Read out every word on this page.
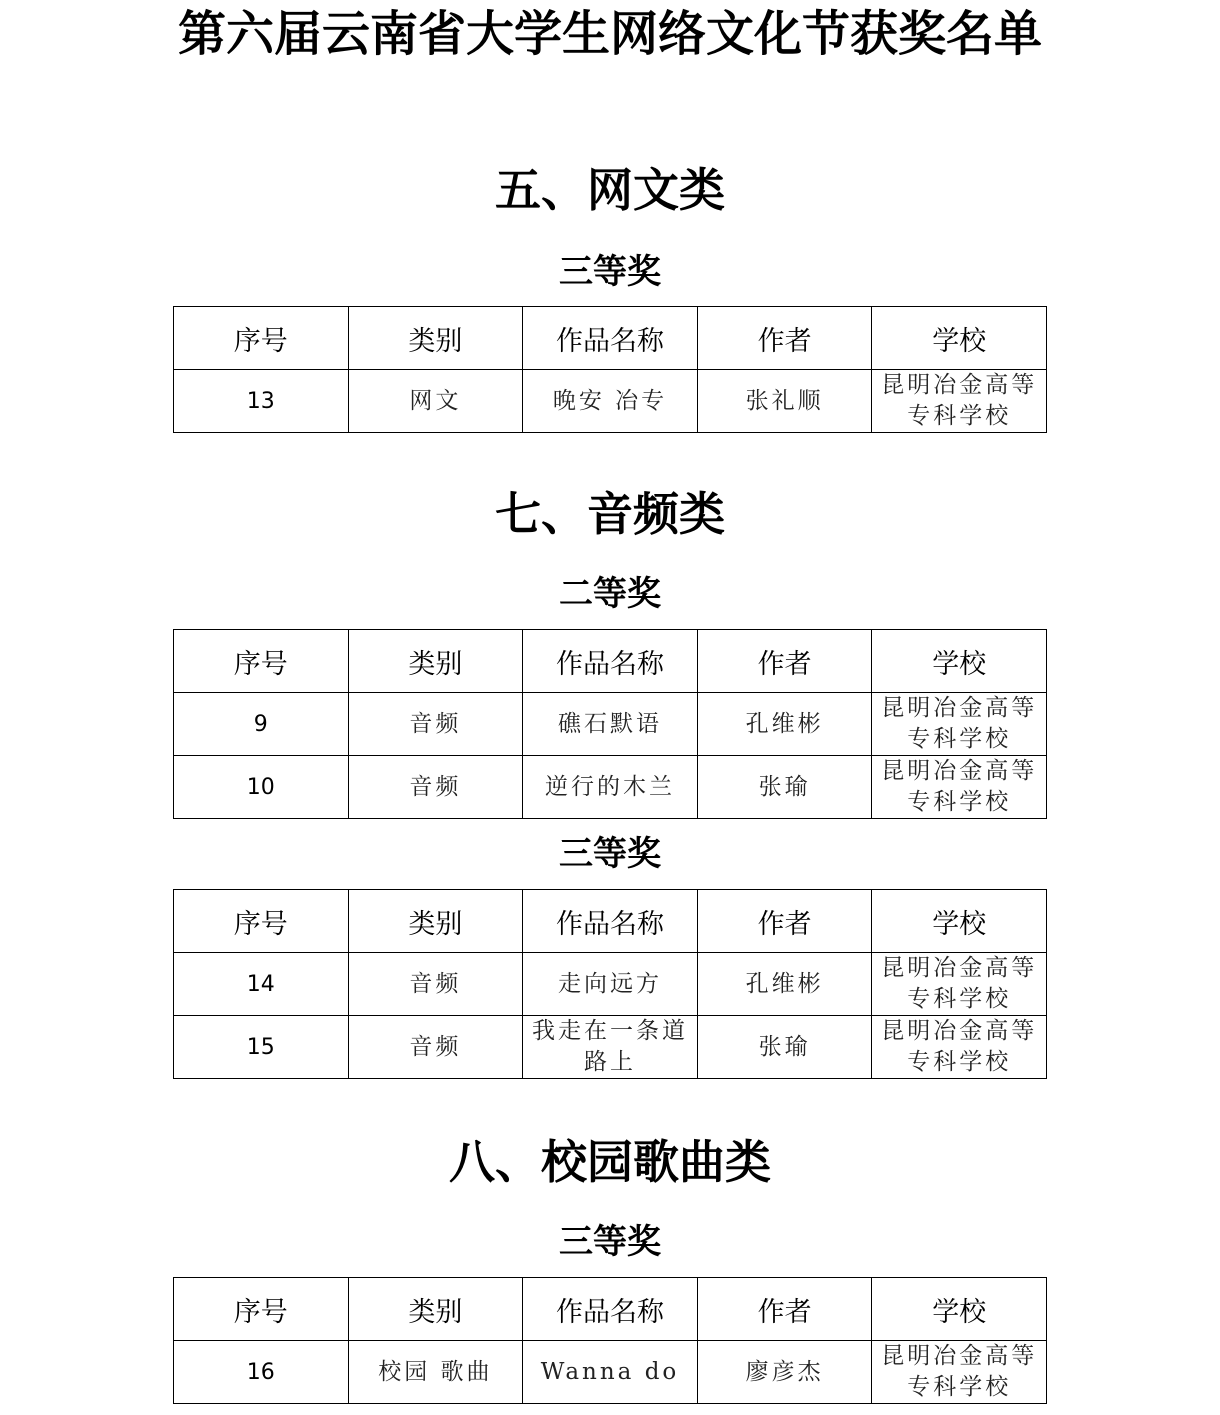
第六届云南省大学生网络文化节获奖名单
五、网文类
三等奖
序号	类别	作品名称	作者	学校
13	网文	晚安 冶专	张礼顺	昆明冶金高等专科学校
七、音频类
二等奖
序号	类别	作品名称	作者	学校
9	音频	礁石默语	孔维彬	昆明冶金高等专科学校
10	音频	逆行的木兰	张瑜	昆明冶金高等专科学校
三等奖
序号	类别	作品名称	作者	学校
14	音频	走向远方	孔维彬	昆明冶金高等专科学校
15	音频	我走在一条道路上	张瑜	昆明冶金高等专科学校
八、校园歌曲类
三等奖
序号	类别	作品名称	作者	学校
16	校园 歌曲	Wanna do	廖彦杰	昆明冶金高等专科学校
